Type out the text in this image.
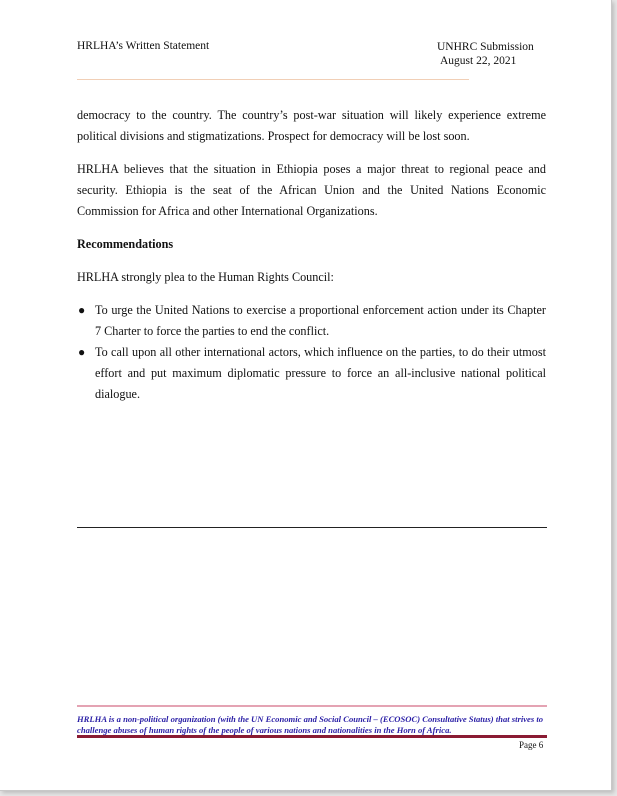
HRLHA’s Written Statement	UNHRC Submission
August 22, 2021

democracy to the country. The country’s post-war situation will likely experience extreme political divisions and stigmatizations. Prospect for democracy will be lost soon.

HRLHA believes that the situation in Ethiopia poses a major threat to regional peace and security. Ethiopia is the seat of the African Union and the United Nations Economic Commission for Africa and other International Organizations.

Recommendations

HRLHA strongly plea to the Human Rights Council:

● To urge the United Nations to exercise a proportional enforcement action under its Chapter 7 Charter to force the parties to end the conflict.
● To call upon all other international actors, which influence on the parties, to do their utmost effort and put maximum diplomatic pressure to force an all-inclusive national political dialogue.
HRLHA is a non-political organization (with the UN Economic and Social Council – (ECOSOC) Consultative Status) that strives to challenge abuses of human rights of the people of various nations and nationalities in the Horn of Africa.
Page 6
